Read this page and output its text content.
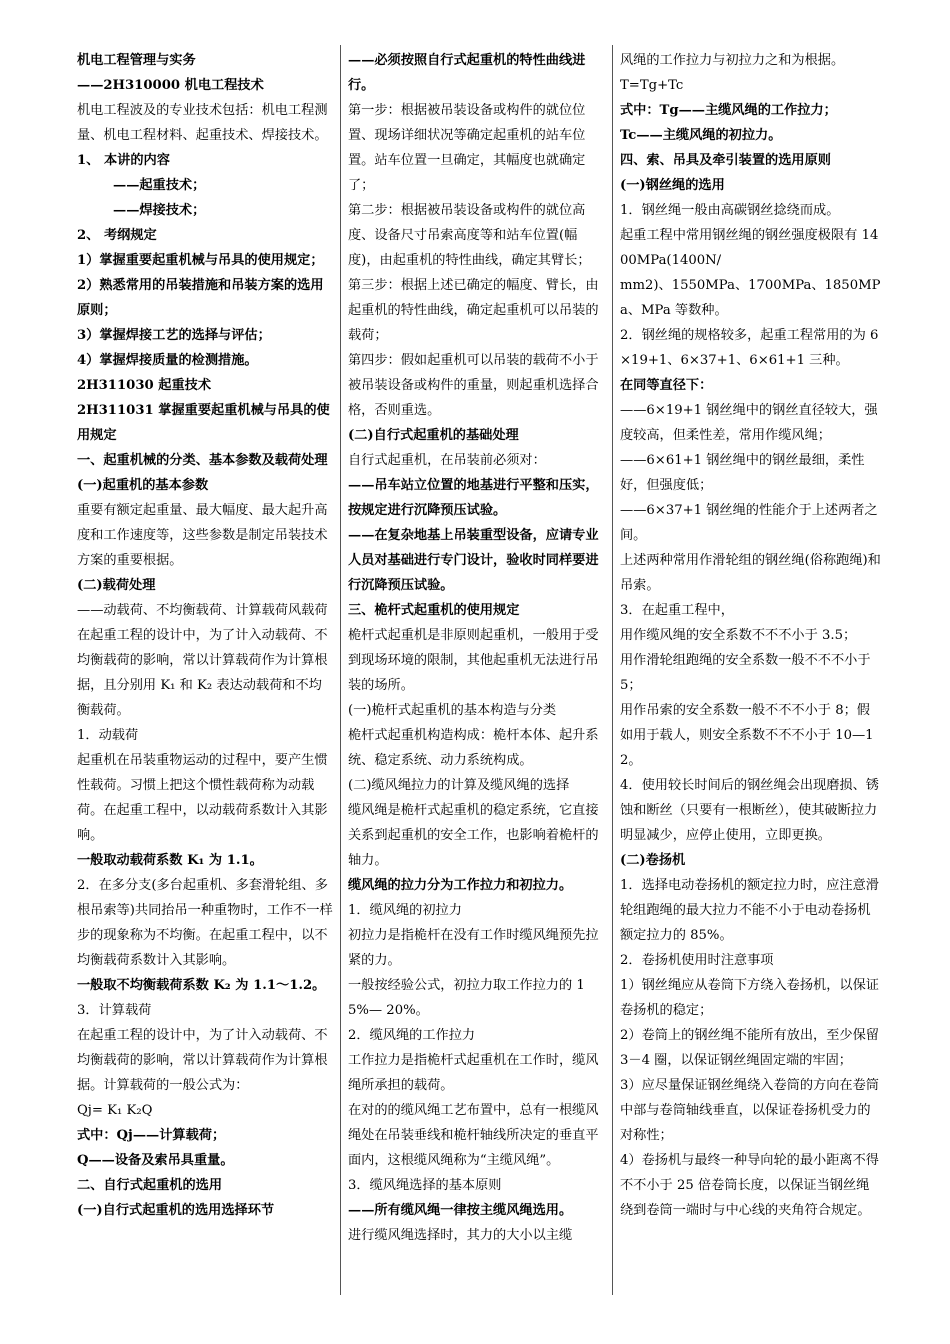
机电工程管理与实务

——2H310000 机电工程技术

机电工程波及的专业技术包括：机电工程测量、机电工程材料、起重技术、焊接技术。

1、 本讲的内容

——起重技术；

——焊接技术；

2、 考纲规定

1）掌握重要起重机械与吊具的使用规定；

2）熟悉常用的吊装措施和吊装方案的选用原则；

3）掌握焊接工艺的选择与评估；

4）掌握焊接质量的检测措施。

2H311030 起重技术

2H311031 掌握重要起重机械与吊具的使用规定

一、起重机械的分类、基本参数及载荷处理

(一)起重机的基本参数

重要有额定起重量、最大幅度、最大起升高度和工作速度等，这些参数是制定吊装技术方案的重要根据。

(二)载荷处理

——动载荷、不均衡载荷、计算载荷风载荷

在起重工程的设计中，为了计入动载荷、不均衡载荷的影响，常以计算载荷作为计算根据，且分别用 K₁ 和 K₂ 表达动载荷和不均衡载荷。

1．动载荷

起重机在吊装重物运动的过程中，要产生惯性载荷。习惯上把这个惯性载荷称为动载荷。在起重工程中，以动载荷系数计入其影响。

一般取动载荷系数 K₁ 为 1.1。

2．在多分支(多台起重机、多套滑轮组、多根吊索等)共同抬吊一种重物时，工作不一样步的现象称为不均衡。在起重工程中，以不均衡载荷系数计入其影响。

一般取不均衡载荷系数 K₂ 为 1.1～1.2。

3．计算载荷

在起重工程的设计中，为了计入动载荷、不均衡载荷的影响，常以计算载荷作为计算根据。计算载荷的一般公式为：

Qj= K₁ K₂Q

式中：Qj——计算载荷；

Q——设备及索吊具重量。

二、自行式起重机的选用

(一)自行式起重机的选用选择环节

——必须按照自行式起重机的特性曲线进行。

第一步：根据被吊装设备或构件的就位位置、现场详细状况等确定起重机的站车位置。站车位置一旦确定，其幅度也就确定了；

第二步：根据被吊装设备或构件的就位高度、设备尺寸吊索高度等和站车位置(幅度)，由起重机的特性曲线，确定其臂长；

第三步：根据上述已确定的幅度、臂长，由起重机的特性曲线，确定起重机可以吊装的载荷；

第四步：假如起重机可以吊装的载荷不小于被吊装设备或构件的重量，则起重机选择合格，否则重选。

(二)自行式起重机的基础处理

自行式起重机，在吊装前必须对：

——吊车站立位置的地基进行平整和压实，按规定进行沉降预压试验。

——在复杂地基上吊装重型设备，应请专业人员对基础进行专门设计，验收时同样要进行沉降预压试验。

三、桅杆式起重机的使用规定

桅杆式起重机是非原则起重机，一般用于受到现场环境的限制，其他起重机无法进行吊装的场所。

(一)桅杆式起重机的基本构造与分类

桅杆式起重机构造构成：桅杆本体、起升系统、稳定系统、动力系统构成。

(二)缆风绳拉力的计算及缆风绳的选择

缆风绳是桅杆式起重机的稳定系统，它直接关系到起重机的安全工作，也影响着桅杆的轴力。

缆风绳的拉力分为工作拉力和初拉力。

1．缆风绳的初拉力

初拉力是指桅杆在没有工作时缆风绳预先拉紧的力。

一般按经验公式，初拉力取工作拉力的 15%— 20%。

2．缆风绳的工作拉力

工作拉力是指桅杆式起重机在工作时，缆风绳所承担的载荷。

在对的的缆风绳工艺布置中，总有一根缆风绳处在吊装垂线和桅杆轴线所决定的垂直平面内，这根缆风绳称为“主缆风绳”。

3．缆风绳选择的基本原则

——所有缆风绳一律按主缆风绳选用。

进行缆风绳选择时，其力的大小以主缆

风绳的工作拉力与初拉力之和为根据。

T=Tg+Tc

式中：Tg——主缆风绳的工作拉力；

Tc——主缆风绳的初拉力。

四、索、吊具及牵引装置的选用原则

(一)钢丝绳的选用

1．钢丝绳一般由高碳钢丝捻绕而成。

起重工程中常用钢丝绳的钢丝强度极限有 1400MPa(1400N/

mm2)、1550MPa、1700MPa、1850MPa、MPa 等数种。

2．钢丝绳的规格较多，起重工程常用的为 6×19+1、6×37+1、6×61+1 三种。

在同等直径下：

——6×19+1 钢丝绳中的钢丝直径较大，强度较高，但柔性差，常用作缆风绳；

——6×61+1 钢丝绳中的钢丝最细，柔性好，但强度低；

——6×37+1 钢丝绳的性能介于上述两者之间。

上述两种常用作滑轮组的钢丝绳(俗称跑绳)和吊索。

3．在起重工程中，

用作缆风绳的安全系数不不不小于 3.5；

用作滑轮组跑绳的安全系数一般不不不小于 5；

用作吊索的安全系数一般不不不小于 8；假如用于载人，则安全系数不不不小于 10—12。

4．使用较长时间后的钢丝绳会出现磨损、锈蚀和断丝（只要有一根断丝），使其破断拉力明显减少，应停止使用，立即更换。

(二)卷扬机

1．选择电动卷扬机的额定拉力时，应注意滑轮组跑绳的最大拉力不能不小于电动卷扬机额定拉力的 85%。

2．卷扬机使用时注意事项

1）钢丝绳应从卷筒下方绕入卷扬机，以保证卷扬机的稳定；

2）卷筒上的钢丝绳不能所有放出，至少保留 3－4 圈，以保证钢丝绳固定端的牢固；

3）应尽量保证钢丝绳绕入卷筒的方向在卷筒中部与卷筒轴线垂直，以保证卷扬机受力的对称性；

4）卷扬机与最终一种导向轮的最小距离不得不不小于 25 倍卷筒长度，以保证当钢丝绳绕到卷筒一端时与中心线的夹角符合规定。
